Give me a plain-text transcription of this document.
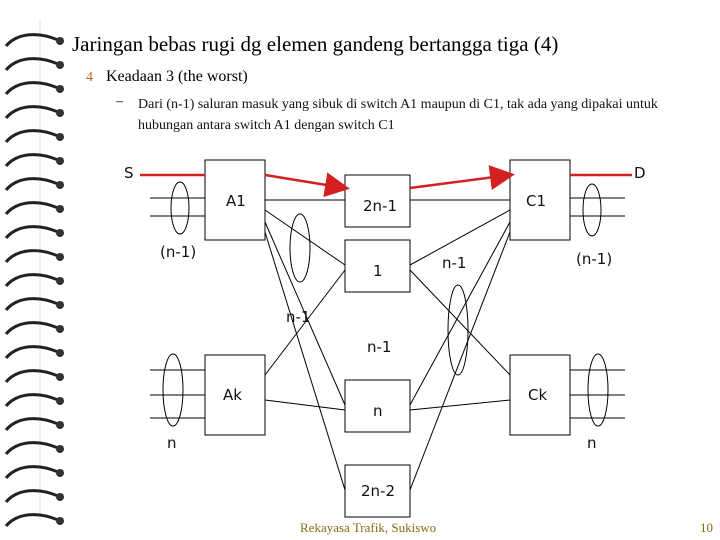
Jaringan bebas rugi dg elemen gandeng bertangga tiga (4)
4 Keadaan 3 (the worst)
– Dari (n-1) saluran masuk yang sibuk di switch A1 maupun di C1, tak ada yang dipakai untuk hubungan antara switch A1 dengan switch C1
S	D
A1	C1
Ak	Ck
2n-1
1
n
2n-2
(n-1)	(n-1)
n-1
n-1
n-1
n	n
Rekayasa Trafik, Sukiswo	10
